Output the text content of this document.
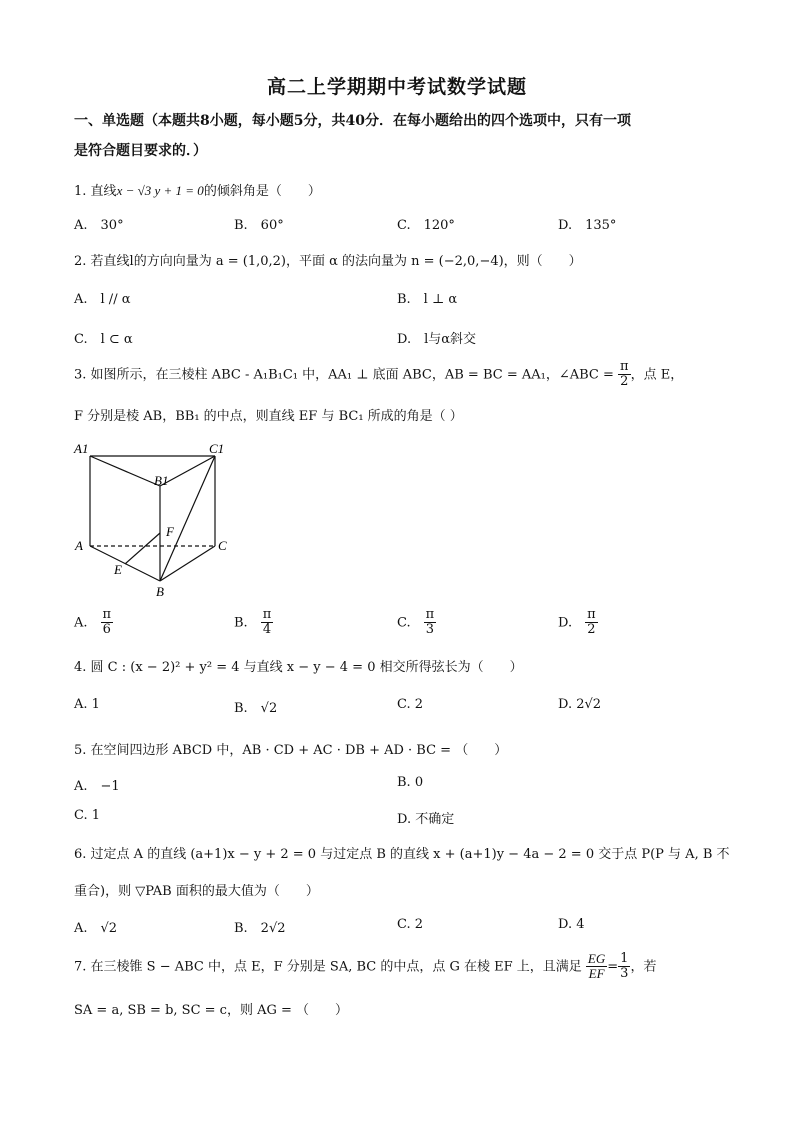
高二上学期期中考试数学试题
一、单选题（本题共8小题，每小题5分，共40分．在每小题给出的四个选项中，只有一项
是符合题目要求的．）
1. 直线x − √3 y + 1 = 0的倾斜角是（　　）
A.　30°	B.　60°	C.　120°	D.　135°
2. 若直线l的方向向量为 a = (1,0,2)，平面 α 的法向量为 n = (−2,0,−4)，则（　　）
A.　l // α	B.　l ⊥ α
C.　l ⊂ α	D.　l与α斜交
3. 如图所示，在三棱柱 ABC - A₁B₁C₁ 中，AA₁ ⊥ 底面 ABC，AB = BC = AA₁，∠ABC = $\frac{\pi}{2}$ ，点 E，
F 分别是棱 AB，BB₁ 的中点，则直线 EF 与 BC₁ 所成的角是（ ）
A1	C1
B1
F
A	C
E
B
A.　 $\frac{\pi}{6}$	B.　 $\frac{\pi}{4}$	C.　 $\frac{\pi}{3}$	D.　 $\frac{\pi}{2}$
4. 圆 C : (x − 2)² + y² = 4 与直线 x − y − 4 = 0 相交所得弦长为（　　）
A. 1	B.　√2	C. 2	D. 2√2
5. 在空间四边形 ABCD 中，AB · CD + AC · DB + AD · BC = （　　）
A.　−1	B. 0
C. 1	D. 不确定
6. 过定点 A 的直线 (a+1)x − y + 2 = 0 与过定点 B 的直线 x + (a+1)y − 4a − 2 = 0 交于点 P(P 与 A, B 不
重合)，则 ▽PAB 面积的最大值为（　　）
A.　√2	B.　2√2	C. 2	D. 4
7. 在三棱锥 S − ABC 中，点 E，F 分别是 SA, BC 的中点，点 G 在棱 EF 上，且满足 $\frac{EG}{EF} = \frac{1}{3}$ ，若
SA = a, SB = b, SC = c，则 AG = （　　）
